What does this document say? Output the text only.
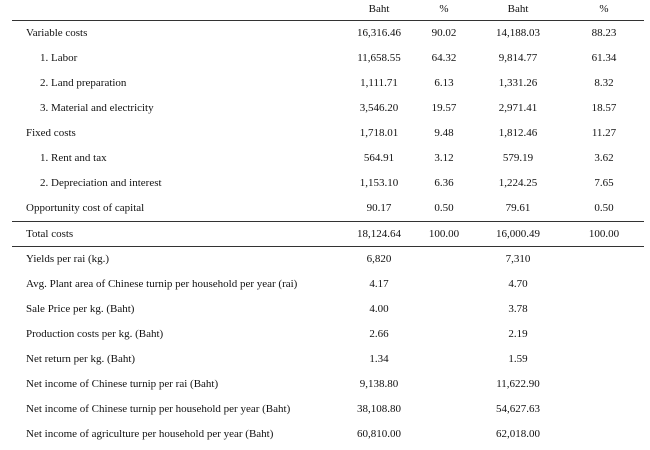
	Baht	%	Baht	%
Variable costs	16,316.46	90.02	14,188.03	88.23
1. Labor	11,658.55	64.32	9,814.77	61.34
2. Land preparation	1,111.71	6.13	1,331.26	8.32
3. Material and electricity	3,546.20	19.57	2,971.41	18.57
Fixed costs	1,718.01	9.48	1,812.46	11.27
1. Rent and tax	564.91	3.12	579.19	3.62
2. Depreciation and interest	1,153.10	6.36	1,224.25	7.65
Opportunity cost of capital	90.17	0.50	79.61	0.50
Total costs	18,124.64	100.00	16,000.49	100.00
Yields per rai (kg.)	6,820		7,310	
Avg. Plant area of Chinese turnip per household per year (rai)	4.17		4.70	
Sale Price per kg. (Baht)	4.00		3.78	
Production costs per kg. (Baht)	2.66		2.19	
Net return per kg. (Baht)	1.34		1.59	
Net income of Chinese turnip per rai (Baht)	9,138.80		11,622.90	
Net income of Chinese turnip per household per year (Baht)	38,108.80		54,627.63	
Net income of agriculture per household per year (Baht)	60,810.00		62,018.00	
